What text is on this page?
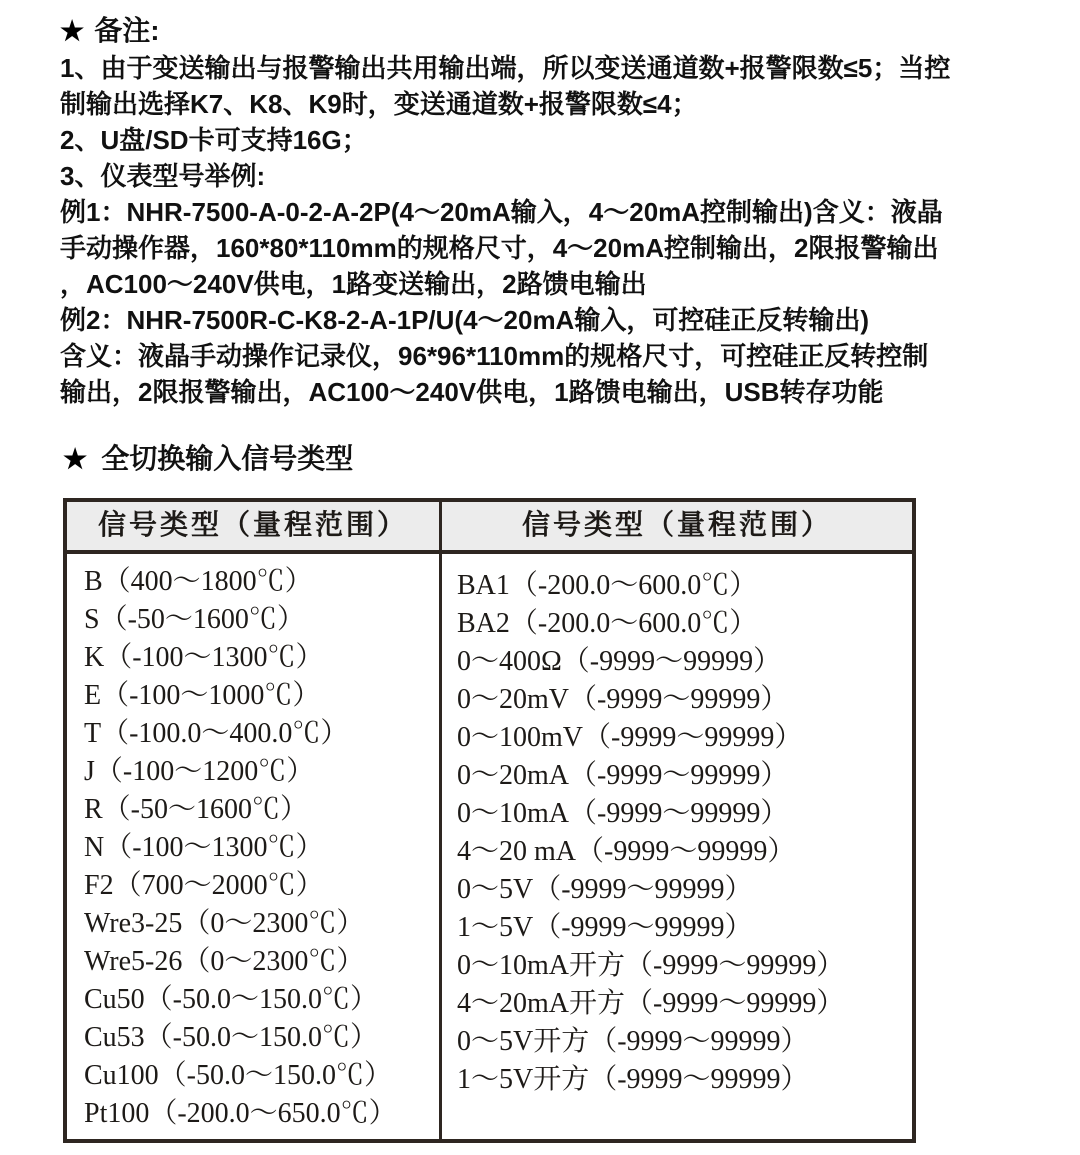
★ 备注:
1、由于变送输出与报警输出共用输出端，所以变送通道数+报警限数≤5；当控
制输出选择K7、K8、K9时，变送通道数+报警限数≤4；
2、U盘/SD卡可支持16G；
3、仪表型号举例:
例1：NHR-7500-A-0-2-A-2P(4～20mA输入，4～20mA控制输出)含义：液晶
手动操作器，160*80*110mm的规格尺寸，4～20mA控制输出，2限报警输出
，AC100～240V供电，1路变送输出，2路馈电输出
例2：NHR-7500R-C-K8-2-A-1P/U(4～20mA输入，可控硅正反转输出)
含义：液晶手动操作记录仪，96*96*110mm的规格尺寸，可控硅正反转控制
输出，2限报警输出，AC100～240V供电，1路馈电输出，USB转存功能
★ 全切换输入信号类型
信号类型（量程范围）	信号类型（量程范围）
B（400～1800℃）
S（-50～1600℃）
K（-100～1300℃）
E（-100～1000℃）
T（-100.0～400.0℃）
J（-100～1200℃）
R（-50～1600℃）
N（-100～1300℃）
F2（700～2000℃）
Wre3-25（0～2300℃）
Wre5-26（0～2300℃）
Cu50（-50.0～150.0℃）
Cu53（-50.0～150.0℃）
Cu100（-50.0～150.0℃）
Pt100（-200.0～650.0℃）
BA1（-200.0～600.0℃）
BA2（-200.0～600.0℃）
0～400Ω（-9999～99999）
0～20mV（-9999～99999）
0～100mV（-9999～99999）
0～20mA（-9999～99999）
0～10mA（-9999～99999）
4～20 mA（-9999～99999）
0～5V（-9999～99999）
1～5V（-9999～99999）
0～10mA开方（-9999～99999）
4～20mA开方（-9999～99999）
0～5V开方（-9999～99999）
1～5V开方（-9999～99999）
